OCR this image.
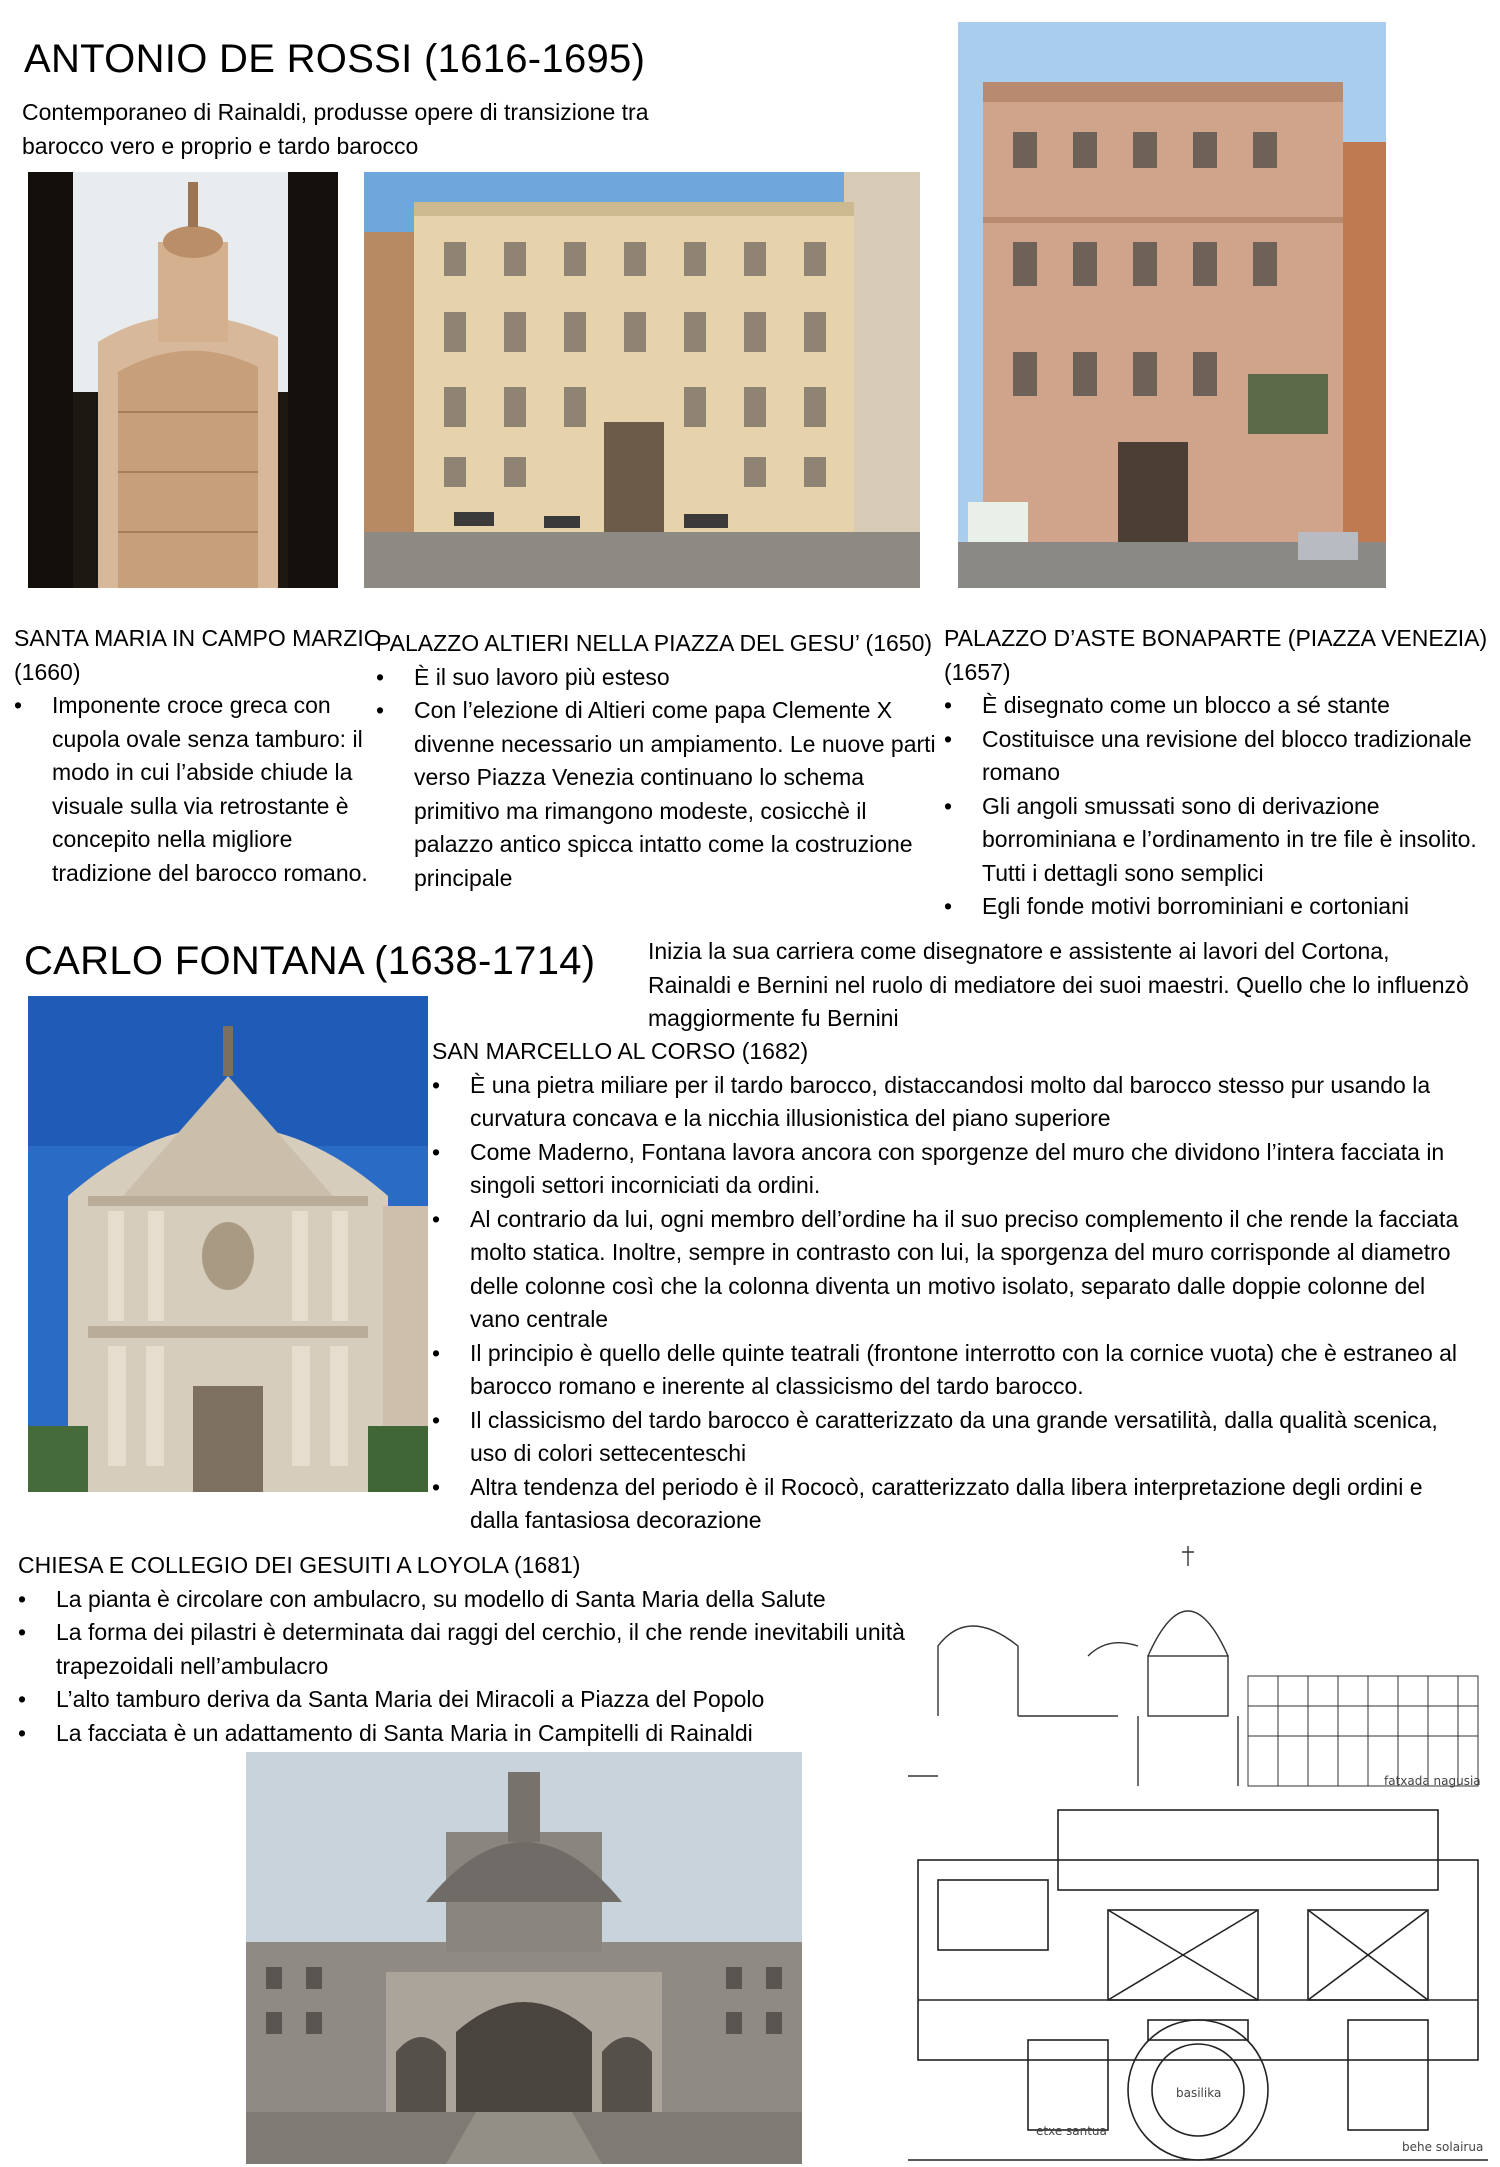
ANTONIO DE ROSSI (1616-1695)
Contemporaneo di Rainaldi, produsse opere di transizione tra barocco vero e proprio e tardo barocco
SANTA MARIA IN CAMPO MARZIO (1660)
• Imponente croce greca con cupola ovale senza tamburo: il modo in cui l’abside chiude la visuale sulla via retrostante è concepito nella migliore tradizione del barocco romano.
PALAZZO ALTIERI NELLA PIAZZA DEL GESU’ (1650)
• È il suo lavoro più esteso
• Con l’elezione di Altieri come papa Clemente X divenne necessario un ampiamento. Le nuove parti verso Piazza Venezia continuano lo schema primitivo ma rimangono modeste, cosicchè il palazzo antico spicca intatto come la costruzione principale
PALAZZO D’ASTE BONAPARTE (PIAZZA VENEZIA) (1657)
• È disegnato come un blocco a sé stante
• Costituisce una revisione del blocco tradizionale romano
• Gli angoli smussati sono di derivazione borrominiana e l’ordinamento in tre file è insolito. Tutti i dettagli sono semplici
• Egli fonde motivi borrominiani e cortoniani
CARLO FONTANA (1638-1714) Inizia la sua carriera come disegnatore e assistente ai lavori del Cortona, Rainaldi e Bernini nel ruolo di mediatore dei suoi maestri. Quello che lo influenzò maggiormente fu Bernini
SAN MARCELLO AL CORSO (1682)
• È una pietra miliare per il tardo barocco, distaccandosi molto dal barocco stesso pur usando la curvatura concava e la nicchia illusionistica del piano superiore
• Come Maderno, Fontana lavora ancora con sporgenze del muro che dividono l’intera facciata in singoli settori incorniciati da ordini.
• Al contrario da lui, ogni membro dell’ordine ha il suo preciso complemento il che rende la facciata molto statica. Inoltre, sempre in contrasto con lui, la sporgenza del muro corrisponde al diametro delle colonne così che la colonna diventa un motivo isolato, separato dalle doppie colonne del vano centrale
• Il principio è quello delle quinte teatrali (frontone interrotto con la cornice vuota) che è estraneo al barocco romano e inerente al classicismo del tardo barocco.
• Il classicismo del tardo barocco è caratterizzato da una grande versatilità, dalla qualità scenica, uso di colori settecenteschi
• Altra tendenza del periodo è il Rococò, caratterizzato dalla libera interpretazione degli ordini e dalla fantasiosa decorazione
CHIESA E COLLEGIO DEI GESUITI A LOYOLA (1681)
• La pianta è circolare con ambulacro, su modello di Santa Maria della Salute
• La forma dei pilastri è determinata dai raggi del cerchio, il che rende inevitabili unità trapezoidali nell’ambulacro
• L’alto tamburo deriva da Santa Maria dei Miracoli a Piazza del Popolo
• La facciata è un adattamento di Santa Maria in Campitelli di Rainaldi
fatxada nagusia
basilika
etxe santua
behe solairua
